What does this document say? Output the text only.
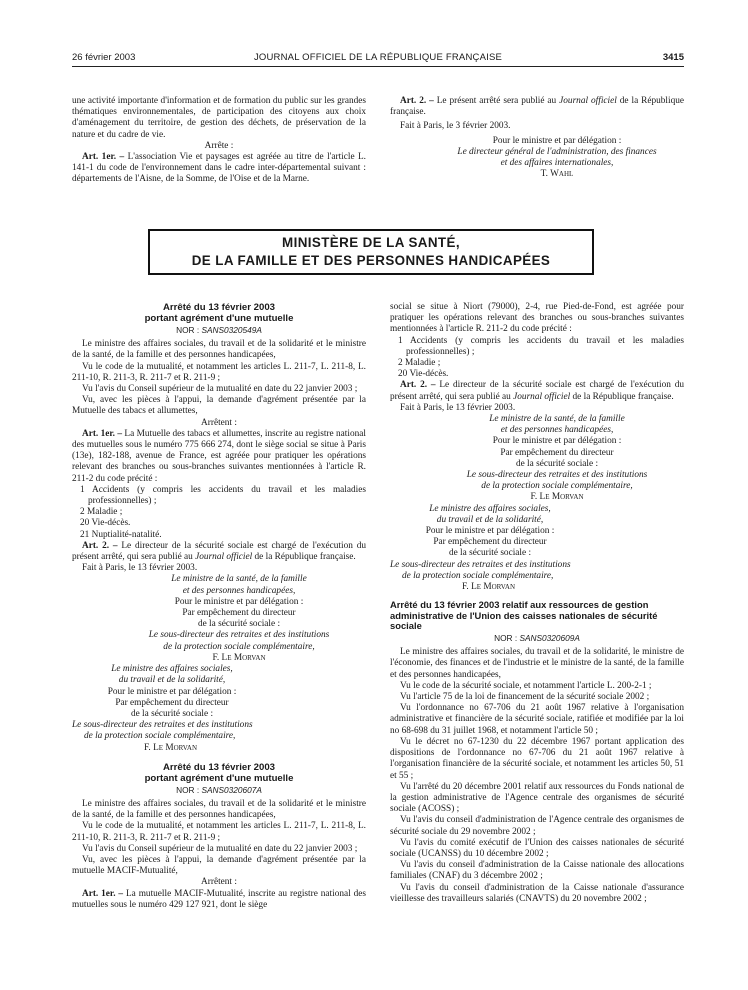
26 février 2003	JOURNAL OFFICIEL DE LA RÉPUBLIQUE FRANÇAISE	3415

une activité importante d'information et de formation du public sur les grandes thématiques environnementales, de participation des citoyens aux choix d'aménagement du territoire, de gestion des déchets, de préservation de la nature et du cadre de vie.

Arrête :

Art. 1er. – L'association Vie et paysages est agréée au titre de l'article L. 141-1 du code de l'environnement dans le cadre inter-départemental suivant : départements de l'Aisne, de la Somme, de l'Oise et de la Marne.

Art. 2. – Le présent arrêté sera publié au Journal officiel de la République française.

Fait à Paris, le 3 février 2003.

Pour le ministre et par délégation :

Le directeur général de l'administration, des finances

et des affaires internationales,

T. Wahl

MINISTÈRE DE LA SANTÉ,
DE LA FAMILLE ET DES PERSONNES HANDICAPÉES

Arrêté du 13 février 2003

portant agrément d'une mutuelle

NOR : SANS0320549A

Le ministre des affaires sociales, du travail et de la solidarité et le ministre de la santé, de la famille et des personnes handicapées,

Vu le code de la mutualité, et notamment les articles L. 211-7, L. 211-8, L. 211-10, R. 211-3, R. 211-7 et R. 211-9 ;

Vu l'avis du Conseil supérieur de la mutualité en date du 22 janvier 2003 ;

Vu, avec les pièces à l'appui, la demande d'agrément présentée par la Mutuelle des tabacs et allumettes,

Arrêtent :

Art. 1er. – La Mutuelle des tabacs et allumettes, inscrite au registre national des mutuelles sous le numéro 775 666 274, dont le siège social se situe à Paris (13e), 182-188, avenue de France, est agréée pour pratiquer les opérations relevant des branches ou sous-branches suivantes mentionnées à l'article R. 211-2 du code précité :

1 Accidents (y compris les accidents du travail et les maladies professionnelles) ;

2 Maladie ;

20 Vie-décès.

21 Nuptialité-natalité.

Art. 2. – Le directeur de la sécurité sociale est chargé de l'exécution du présent arrêté, qui sera publié au Journal officiel de la République française.

Fait à Paris, le 13 février 2003.

Le ministre de la santé, de la famille

et des personnes handicapées,

Pour le ministre et par délégation :

Par empêchement du directeur

de la sécurité sociale :

Le sous-directeur des retraites et des institutions

de la protection sociale complémentaire,

F. Le Morvan

Le ministre des affaires sociales,

du travail et de la solidarité,

Pour le ministre et par délégation :

Par empêchement du directeur

de la sécurité sociale :

Le sous-directeur des retraites et des institutions

de la protection sociale complémentaire,

F. Le Morvan

Arrêté du 13 février 2003

portant agrément d'une mutuelle

NOR : SANS0320607A

Le ministre des affaires sociales, du travail et de la solidarité et le ministre de la santé, de la famille et des personnes handicapées,

Vu le code de la mutualité, et notamment les articles L. 211-7, L. 211-8, L. 211-10, R. 211-3, R. 211-7 et R. 211-9 ;

Vu l'avis du Conseil supérieur de la mutualité en date du 22 janvier 2003 ;

Vu, avec les pièces à l'appui, la demande d'agrément présentée par la mutuelle MACIF-Mutualité,

Arrêtent :

Art. 1er. – La mutuelle MACIF-Mutualité, inscrite au registre national des mutuelles sous le numéro 429 127 921, dont le siège

social se situe à Niort (79000), 2-4, rue Pied-de-Fond, est agréée pour pratiquer les opérations relevant des branches ou sous-branches suivantes mentionnées à l'article R. 211-2 du code précité :

1 Accidents (y compris les accidents du travail et les maladies professionnelles) ;

2 Maladie ;

20 Vie-décès.

Art. 2. – Le directeur de la sécurité sociale est chargé de l'exécution du présent arrêté, qui sera publié au Journal officiel de la République française.

Fait à Paris, le 13 février 2003.

Le ministre de la santé, de la famille

et des personnes handicapées,

Pour le ministre et par délégation :

Par empêchement du directeur

de la sécurité sociale :

Le sous-directeur des retraites et des institutions

de la protection sociale complémentaire,

F. Le Morvan

Le ministre des affaires sociales,

du travail et de la solidarité,

Pour le ministre et par délégation :

Par empêchement du directeur

de la sécurité sociale :

Le sous-directeur des retraites et des institutions

de la protection sociale complémentaire,

F. Le Morvan

Arrêté du 13 février 2003 relatif aux ressources de gestion administrative de l'Union des caisses nationales de sécurité sociale

NOR : SANS0320609A

Le ministre des affaires sociales, du travail et de la solidarité, le ministre de l'économie, des finances et de l'industrie et le ministre de la santé, de la famille et des personnes handicapées,

Vu le code de la sécurité sociale, et notamment l'article L. 200-2-1 ;

Vu l'article 75 de la loi de financement de la sécurité sociale 2002 ;

Vu l'ordonnance no 67-706 du 21 août 1967 relative à l'organisation administrative et financière de la sécurité sociale, ratifiée et modifiée par la loi no 68-698 du 31 juillet 1968, et notamment l'article 50 ;

Vu le décret no 67-1230 du 22 décembre 1967 portant application des dispositions de l'ordonnance no 67-706 du 21 août 1967 relative à l'organisation financière de la sécurité sociale, et notamment les articles 50, 51 et 55 ;

Vu l'arrêté du 20 décembre 2001 relatif aux ressources du Fonds national de la gestion administrative de l'Agence centrale des organismes de sécurité sociale (ACOSS) ;

Vu l'avis du conseil d'administration de l'Agence centrale des organismes de sécurité sociale du 29 novembre 2002 ;

Vu l'avis du comité exécutif de l'Union des caisses nationales de sécurité sociale (UCANSS) du 10 décembre 2002 ;

Vu l'avis du conseil d'administration de la Caisse nationale des allocations familiales (CNAF) du 3 décembre 2002 ;

Vu l'avis du conseil d'administration de la Caisse nationale d'assurance vieillesse des travailleurs salariés (CNAVTS) du 20 novembre 2002 ;
